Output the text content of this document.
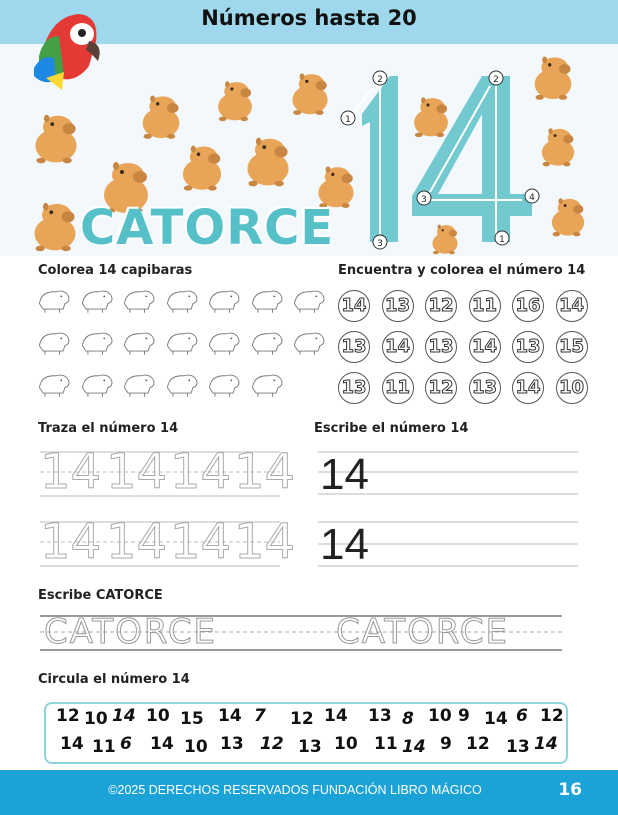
Números hasta 20
1
2
3
2
3	4
1
CATORCE
Colorea 14 capibaras	Encuentra y colorea el número 14
Traza el número 14	Escribe el número 14
Escribe CATORCE
Circula el número 14
14 13 12 11 16 14
13 14 13 14 13 15
13 11 12 13 14 10
14 14 14 14
14 14 14 14
14
14
CATORCE	CATORCE
12 10 14 10 15 14 7 12 14 13 8 10 9 14 6 12
14 11 6 14 10 13 12 13 10 11 14 9 12 13 14
©2025 DERECHOS RESERVADOS FUNDACIÓN LIBRO MÁGICO	16
